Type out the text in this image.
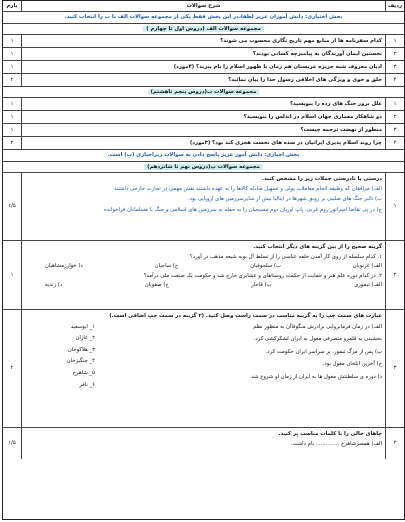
ردیف
شرح سوالات
بارم
بخش اختیاری: دانش آموزان عزیز لطفا،در این بخش فقط یکی از مجموعه سوالات الف یا ب را انتخاب کنید.
مجموعه سوالات الف (دروس اول تا چهارم )
۱
کدام سفرنامه ها از منابع مهم تاریخ نگاری محسوب می شوند؟
۱
۲
نخستین ایمان آورندگان به پیامبرچه کسانی بودند؟
۱
۳
ادیان معروف شبه جزیره عربستان هم زمان با ظهور اسلام را نام ببرید؟ (۴مورد)
۱
۴
خلق و خوی و ویژگی های اخلاقی رسول خدا را بیان نمائید؟
۲
مجموعه سوالات ب(دروس پنجم تاهشتم)
۱
علل بروز جنگ های رده را بنویسید؟
۱
۲
دو شاهکار معماری جهان اسلام در اندلس را بنویسید؟
۱
۳
منظور از نهضت ترجمه چیست؟
۱
۴
چرا روند اسلام پذیری ایرانیان در سده های نخست هجری کند بود؟ (۳مورد)
۲
بخش اجباری: دانش آموز عزیز پاسخ دادن به سوالات زیراجباری (پ) است.
مجموعه سوالات پ(دروس نهم تا شانزدهم)
۱
درستی یا نادرستی جملات زیر را مشخص کنید.
الف) مرافقان که وظیفه انجام معاملات پولی و تسهیل مبادله کالاها را به عهده داشتند نقش مهمی در تجارت خارجی داشتند
ب) تاثیر جنگ های صلیبی بر رونق شهرها در ایتالیا بیش از سایرسرزمین های اروپایی بود.
ج) در پی تقاضا امپراتور روم غربی، پاپ اوربان دوم مسیحیان را به حمله به سرزمین های اسلامی و جنگ با مسلمانان فراخوانده
۱/۵
۲
گزینه صحیح را از بین گزینه های دیگر انتخاب کنید.
۱. کدام سلسله از روی کار آمدن خلفه عباسی را از تسلط آل بویه شیعه مذهب در آورد؟
الف) غزنویان
ب) سلجوقیان
ج) ساجیان
د) خوارزمشاهیان
۲. در کدام دوره علم هنر و حمایت از حکمت روستاهای و عشایری خارج شد و حکومت یک صنعت ملی درآمد؟
الف) تیموری
ب) قاجار
ج) صفویان
د) زندیه
۱
۳
عبارت های سمت چپ را به گزینه مناسب در سمت راست وصل کنید. (۲ گزینه در سمت چپ اضافی است.)
الف) در زمان فرمانروایی برادرش منگوقاآن به منظور نظم
بخشیدن به قلمرو متصرفی مغول به ایران لشکرکشی کرد.
ب) پس از مرگ تیمور، بر سراسر ایران حکومت کرد.
ج) آخرین ایلخان مغول بود.
د) دوره ی سلطنتش مغول ها به ایران از زمان او شروع شد.
۱_ ابوسعید
۲_ غازان
۳_ هلاکوخان
۴_ چنگیزخان
۵_ شاهرخ
۶_ باقر
۲
۴
جاهای خالی را با کلمات مناسب پر کنید.
الف) همسرشاهرخ .............. نام داشت.
۱/۵
